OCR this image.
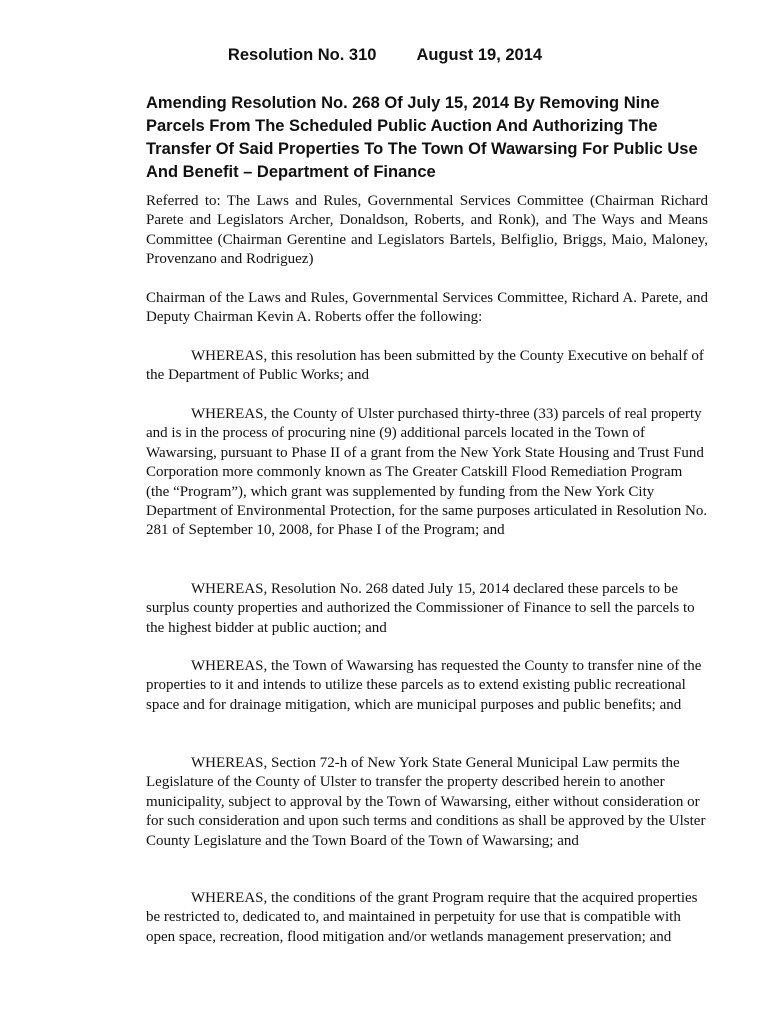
Resolution No. 310 August 19, 2014
Amending Resolution No. 268 Of July 15, 2014 By Removing Nine Parcels From The Scheduled Public Auction And Authorizing The Transfer Of Said Properties To The Town Of Wawarsing For Public Use And Benefit – Department of Finance
Referred to: The Laws and Rules, Governmental Services Committee (Chairman Richard Parete and Legislators Archer, Donaldson, Roberts, and Ronk), and The Ways and Means Committee (Chairman Gerentine and Legislators Bartels, Belfiglio, Briggs, Maio, Maloney, Provenzano and Rodriguez)
Chairman of the Laws and Rules, Governmental Services Committee, Richard A. Parete, and Deputy Chairman Kevin A. Roberts offer the following:
WHEREAS, this resolution has been submitted by the County Executive on behalf of the Department of Public Works; and
WHEREAS, the County of Ulster purchased thirty-three (33) parcels of real property and is in the process of procuring nine (9) additional parcels located in the Town of Wawarsing, pursuant to Phase II of a grant from the New York State Housing and Trust Fund Corporation more commonly known as The Greater Catskill Flood Remediation Program (the “Program”), which grant was supplemented by funding from the New York City Department of Environmental Protection, for the same purposes articulated in Resolution No. 281 of September 10, 2008, for Phase I of the Program; and
WHEREAS, Resolution No. 268 dated July 15, 2014 declared these parcels to be surplus county properties and authorized the Commissioner of Finance to sell the parcels to the highest bidder at public auction; and
WHEREAS, the Town of Wawarsing has requested the County to transfer nine of the properties to it and intends to utilize these parcels as to extend existing public recreational space and for drainage mitigation, which are municipal purposes and public benefits; and
WHEREAS, Section 72-h of New York State General Municipal Law permits the Legislature of the County of Ulster to transfer the property described herein to another municipality, subject to approval by the Town of Wawarsing, either without consideration or for such consideration and upon such terms and conditions as shall be approved by the Ulster County Legislature and the Town Board of the Town of Wawarsing; and
WHEREAS, the conditions of the grant Program require that the acquired properties be restricted to, dedicated to, and maintained in perpetuity for use that is compatible with open space, recreation, flood mitigation and/or wetlands management preservation; and
